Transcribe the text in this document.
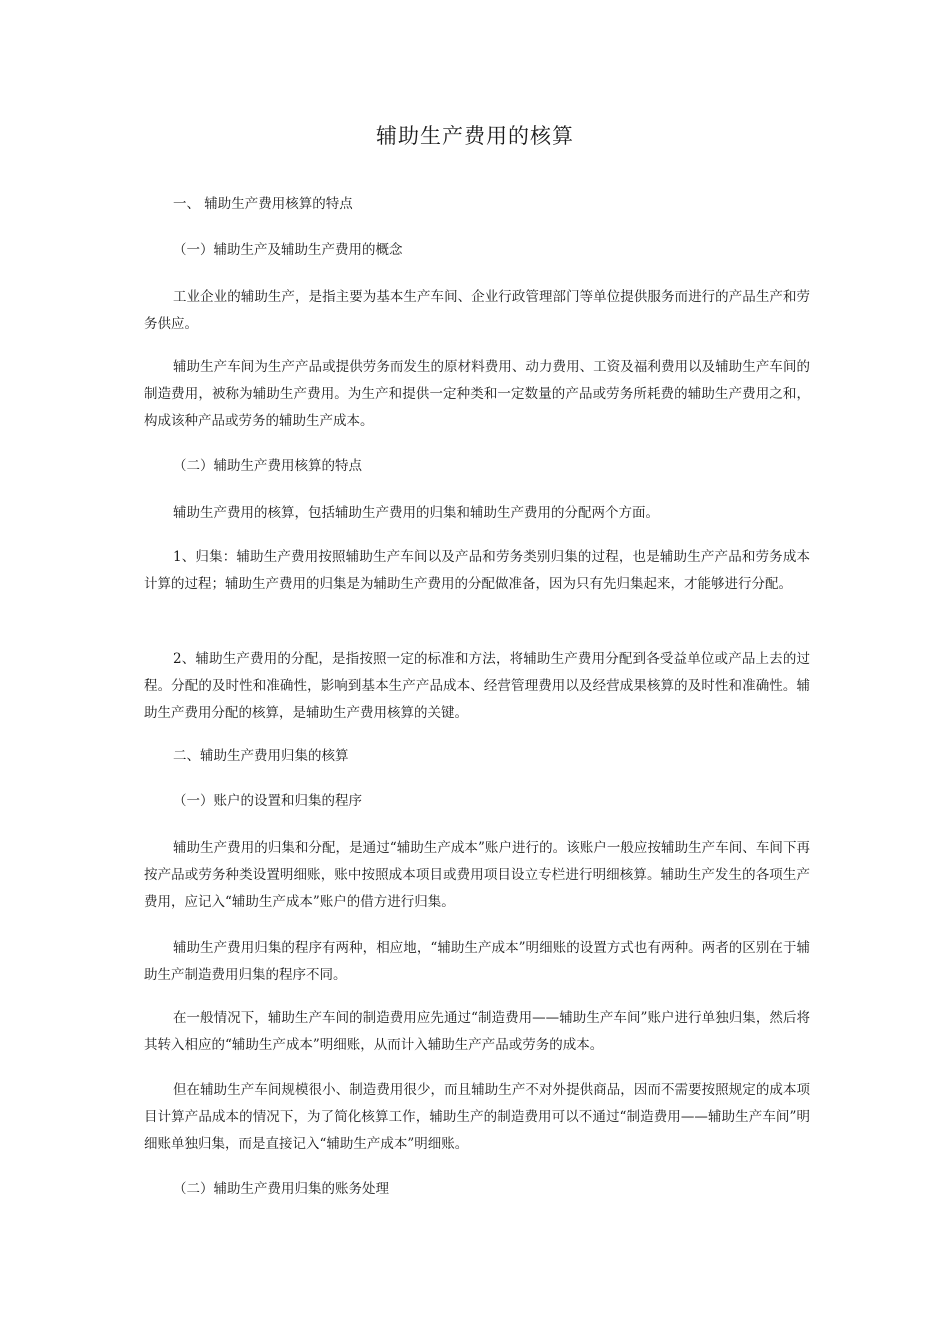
辅助生产费用的核算
一、 辅助生产费用核算的特点
（一）辅助生产及辅助生产费用的概念
工业企业的辅助生产，是指主要为基本生产车间、企业行政管理部门等单位提供服务而进行的产品生产和劳务供应。
辅助生产车间为生产产品或提供劳务而发生的原材料费用、动力费用、工资及福利费用以及辅助生产车间的制造费用，被称为辅助生产费用。为生产和提供一定种类和一定数量的产品或劳务所耗费的辅助生产费用之和，构成该种产品或劳务的辅助生产成本。
（二）辅助生产费用核算的特点
辅助生产费用的核算，包括辅助生产费用的归集和辅助生产费用的分配两个方面。
1、归集：辅助生产费用按照辅助生产车间以及产品和劳务类别归集的过程，也是辅助生产产品和劳务成本计算的过程；辅助生产费用的归集是为辅助生产费用的分配做准备，因为只有先归集起来，才能够进行分配。
2、辅助生产费用的分配，是指按照一定的标准和方法，将辅助生产费用分配到各受益单位或产品上去的过程。分配的及时性和准确性，影响到基本生产产品成本、经营管理费用以及经营成果核算的及时性和准确性。辅助生产费用分配的核算，是辅助生产费用核算的关键。
二、辅助生产费用归集的核算
（一）账户的设置和归集的程序
辅助生产费用的归集和分配，是通过“辅助生产成本”账户进行的。该账户一般应按辅助生产车间、车间下再按产品或劳务种类设置明细账，账中按照成本项目或费用项目设立专栏进行明细核算。辅助生产发生的各项生产费用，应记入“辅助生产成本”账户的借方进行归集。
辅助生产费用归集的程序有两种，相应地，“辅助生产成本”明细账的设置方式也有两种。两者的区别在于辅助生产制造费用归集的程序不同。
在一般情况下，辅助生产车间的制造费用应先通过“制造费用——辅助生产车间”账户进行单独归集，然后将其转入相应的“辅助生产成本”明细账，从而计入辅助生产产品或劳务的成本。
但在辅助生产车间规模很小、制造费用很少，而且辅助生产不对外提供商品，因而不需要按照规定的成本项目计算产品成本的情况下，为了简化核算工作，辅助生产的制造费用可以不通过“制造费用——辅助生产车间”明细账单独归集，而是直接记入“辅助生产成本”明细账。
（二）辅助生产费用归集的账务处理
